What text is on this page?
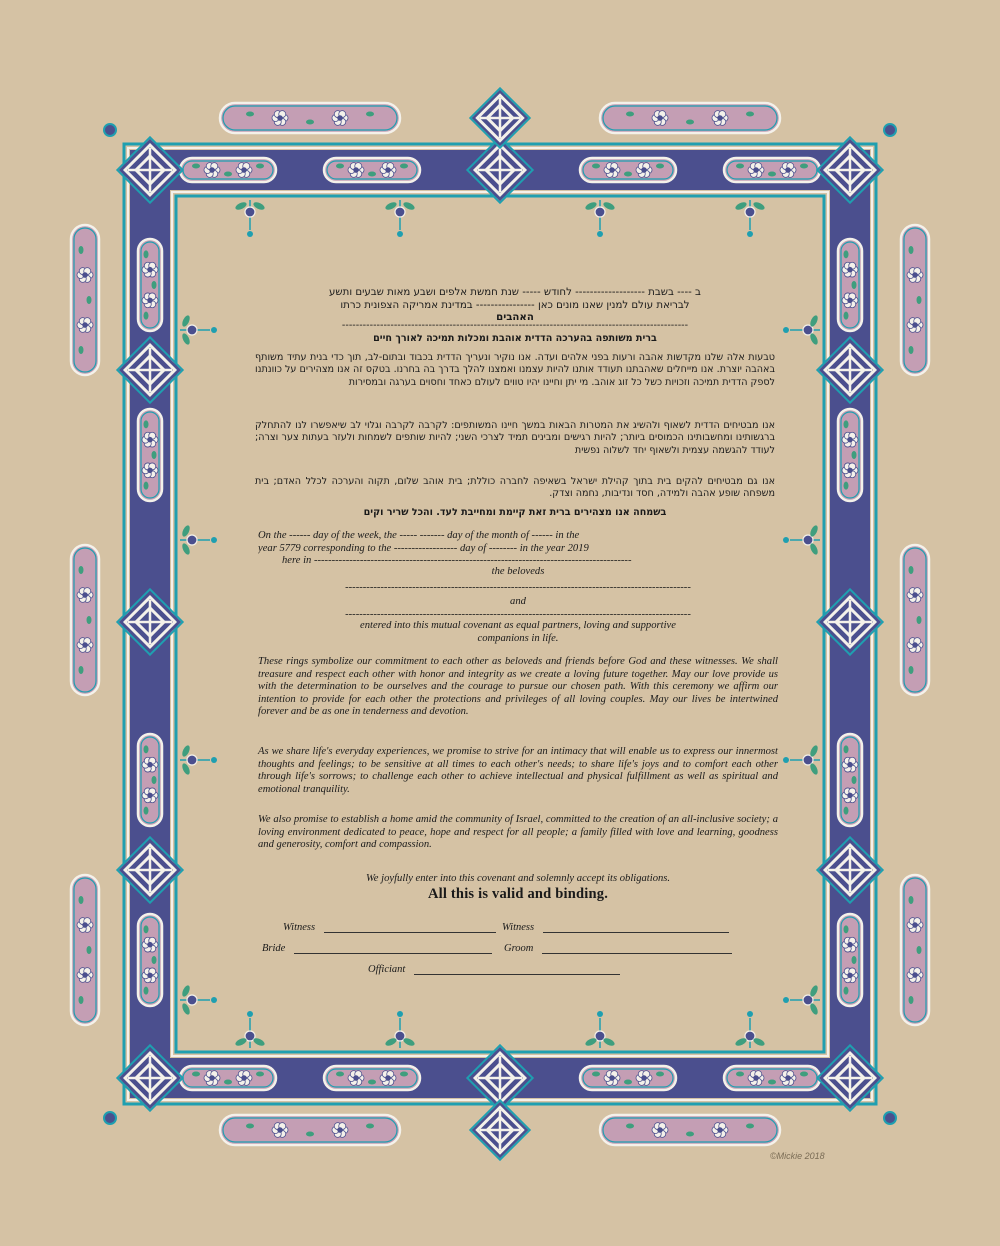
ב ---- בשבת ------------------- לחודש ----- שנת חמשת אלפים ושבע מאות שבעים ותשע
לבריאת עולם למנין שאנו מונים כאן ---------------- במדינת אמריקה הצפונית כרתו
האהבים
----------------------------------------------------------------------------------------------------
ברית משותפה בהערכה הדדית אוהבת ומכלות תמיכה לאורך חיים
טבעות אלה שלנו מקדשות אהבה ורעות בפני אלהים ועדה. אנו נוקיר ונעריך הדדית בכבוד ובתום-לב, תוך כדי בנית עתיד משותף באהבה יוצרת. אנו מייחלים שאהבתנו תעודד אותנו להיות עצמנו ואמצנו להלך בדרך בה בחרנו. בטקס זה אנו מצהירים על כוונתנו לספק הדדית תמיכה וזכויות כשל כל זוג אוהב. מי יתן וחיינו יהיו טווים לעולם כאחד וחסוים בערגה ובמסירות
אנו מבטיחים הדדית לשאוף ולהשיג את המטרות הבאות במשך חיינו המשותפים: לקרבה לקרבה וגלוי לב שיאפשרו לנו להתחלק ברגשותינו ומחשבותינו הכמוסים ביותר; להיות רגישים ומבינים תמיד לצרכי השני; להיות שותפים לשמחות ולעזר בעתות צער וצרה; לעודד להגשמה עצמית ולשאוף יחד לשלוה נפשית
אנו גם מבטיחים להקים בית בתוך קהילת ישראל בשאיפה לחברה כוללת; בית אוהב שלום, תקוה והערכה לכלל האדם; בית משפחה שופע אהבה ולמידה, חסד ונדיבות, נחמה וצדק.
בשמחה אנו מצהירים ברית זאת קיימת ומחייבת לעד. והכל שריר וקים
On the ------ day of the week, the ----- ------- day of the month of ------ in the
year 5779 corresponding to the ------------------ day of -------- in the year 2019
here in ------------------------------------------------------------------------------------------
the beloveds
--------------------------------------------------------------------------------------------------
and
--------------------------------------------------------------------------------------------------
entered into this mutual covenant as equal partners, loving and supportive
companions in life.
These rings symbolize our commitment to each other as beloveds and friends before God and these witnesses. We shall treasure and respect each other with honor and integrity as we create a loving future together. May our love provide us with the determination to be ourselves and the courage to pursue our chosen path. With this ceremony we affirm our intention to provide for each other the protections and privileges of all loving couples. May our lives be intertwined forever and be as one in tenderness and devotion.
As we share life's everyday experiences, we promise to strive for an intimacy that will enable us to express our innermost thoughts and feelings; to be sensitive at all times to each other's needs; to share life's joys and to comfort each other through life's sorrows; to challenge each other to achieve intellectual and physical fulfillment as well as spiritual and emotional tranquility.
We also promise to establish a home amid the community of Israel, committed to the creation of an all-inclusive society; a loving environment dedicated to peace, hope and respect for all people; a family filled with love and learning, goodness and generosity, comfort and compassion.
We joyfully enter into this covenant and solemnly accept its obligations.
All this is valid and binding.
Witness	Witness
Bride	Groom
Officiant
©Mickie 2018
